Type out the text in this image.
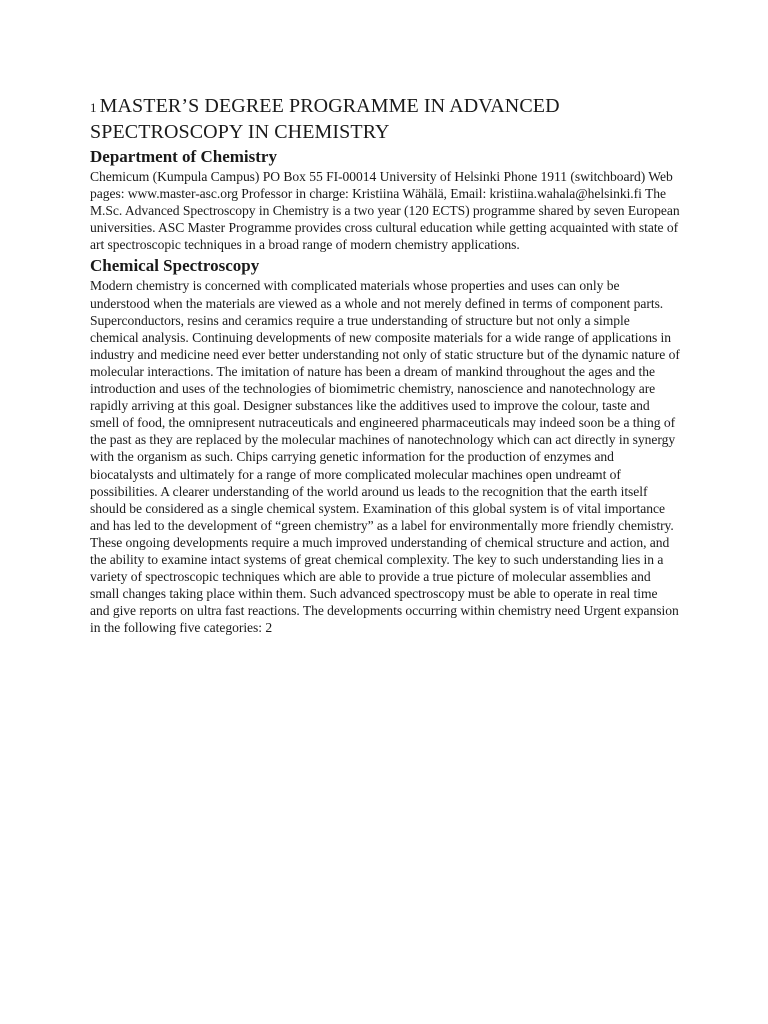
1 MASTER’S DEGREE PROGRAMME IN ADVANCED SPECTROSCOPY IN CHEMISTRY
Department of Chemistry

Chemicum (Kumpula Campus) PO Box 55 FI-00014 University of Helsinki Phone 1911 (switchboard) Web pages: www.master-asc.org Professor in charge: Kristiina Wähälä, Email: kristiina.wahala@helsinki.fi The M.Sc. Advanced Spectroscopy in Chemistry is a two year (120 ECTS) programme shared by seven European universities. ASC Master Programme provides cross cultural education while getting acquainted with state of art spectroscopic techniques in a broad range of modern chemistry applications.

Chemical Spectroscopy

Modern chemistry is concerned with complicated materials whose properties and uses can only be understood when the materials are viewed as a whole and not merely defined in terms of component parts. Superconductors, resins and ceramics require a true understanding of structure but not only a simple chemical analysis. Continuing developments of new composite materials for a wide range of applications in industry and medicine need ever better understanding not only of static structure but of the dynamic nature of molecular interactions. The imitation of nature has been a dream of mankind throughout the ages and the introduction and uses of the technologies of biomimetric chemistry, nanoscience and nanotechnology are rapidly arriving at this goal. Designer substances like the additives used to improve the colour, taste and smell of food, the omnipresent nutraceuticals and engineered pharmaceuticals may indeed soon be a thing of the past as they are replaced by the molecular machines of nanotechnology which can act directly in synergy with the organism as such. Chips carrying genetic information for the production of enzymes and biocatalysts and ultimately for a range of more complicated molecular machines open undreamt of possibilities. A clearer understanding of the world around us leads to the recognition that the earth itself should be considered as a single chemical system. Examination of this global system is of vital importance and has led to the development of “green chemistry” as a label for environmentally more friendly chemistry. These ongoing developments require a much improved understanding of chemical structure and action, and the ability to examine intact systems of great chemical complexity. The key to such understanding lies in a variety of spectroscopic techniques which are able to provide a true picture of molecular assemblies and small changes taking place within them. Such advanced spectroscopy must be able to operate in real time and give reports on ultra fast reactions. The developments occurring within chemistry need Urgent expansion in the following five categories: 2
